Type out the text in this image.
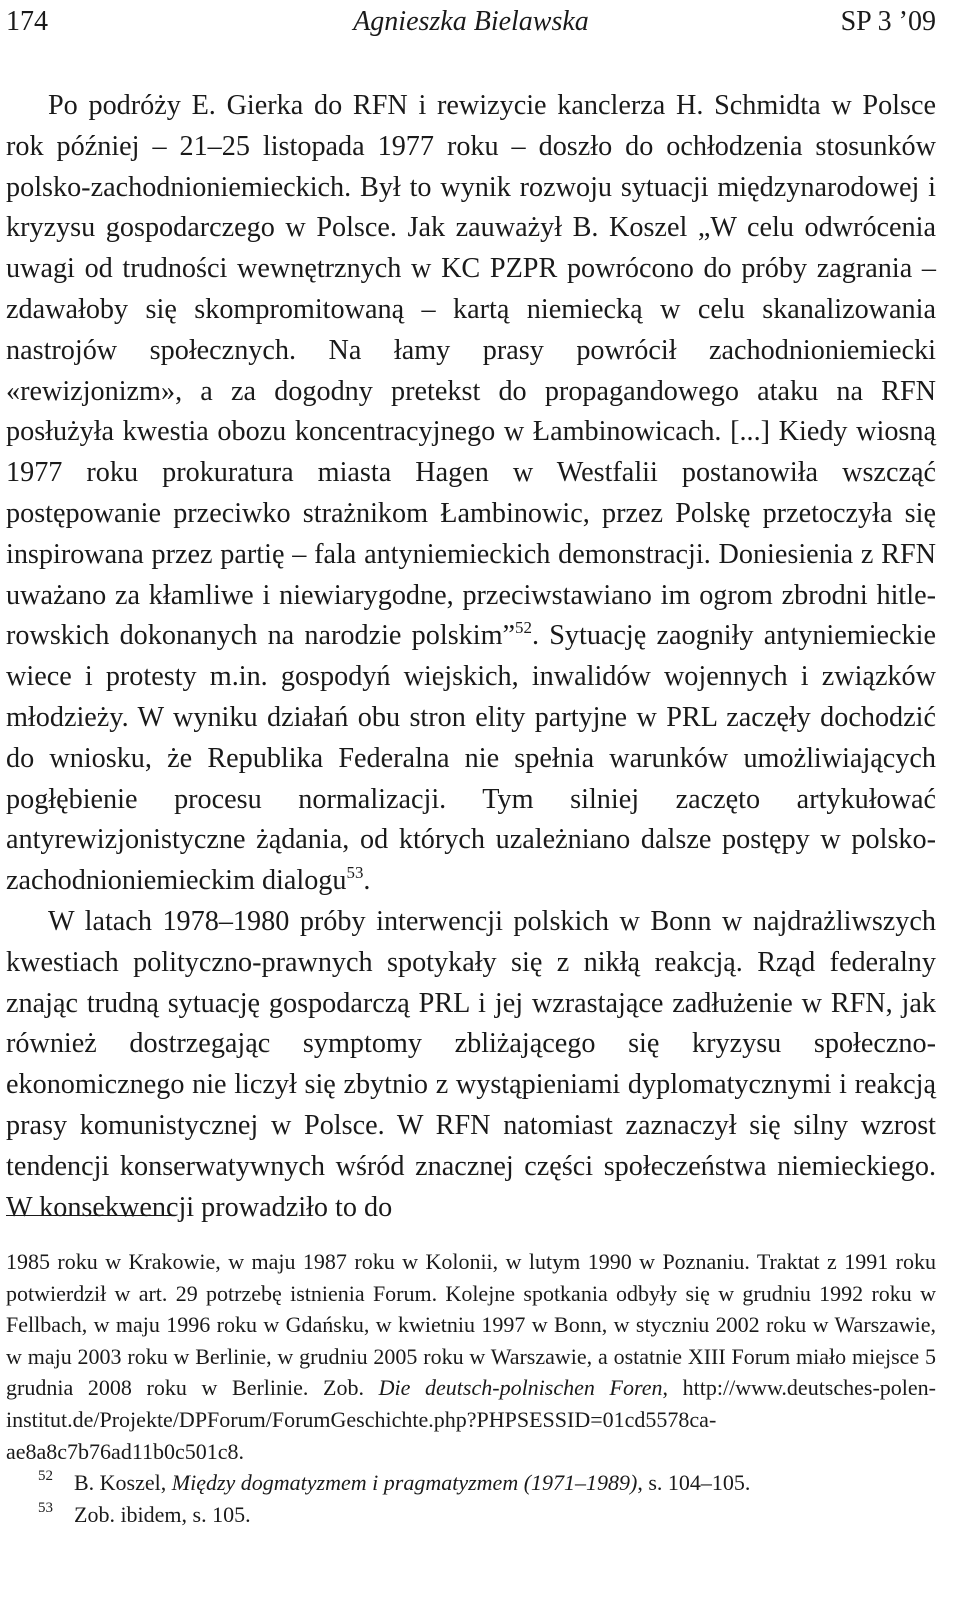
174	Agnieszka Bielawska	SP 3 ’09

Po podróży E. Gierka do RFN i rewizycie kanclerza H. Schmidta w Polsce rok później – 21–25 listopada 1977 roku – doszło do ochłodzenia stosunków polsko-zachodnioniemieckich. Był to wynik rozwoju sytuacji międzynarodowej i kryzysu gospodarczego w Polsce. Jak zauważył B. Koszel „W celu odwrócenia uwagi od trudności wewnętrznych w KC PZPR powrócono do próby zagrania – zdawałoby się skompromitowaną – kartą niemiecką w celu skanalizowania nastrojów społecznych. Na łamy prasy powrócił zachodnioniemiecki «rewizjonizm», a za dogodny pretekst do propagandowego ataku na RFN posłużyła kwestia obozu koncentracyjnego w Łambinowicach. [...] Kiedy wiosną 1977 roku prokuratura miasta Hagen w Westfalii postanowiła wszcząć postępowanie przeciwko strażnikom Łambinowic, przez Polskę przetoczyła się inspirowana przez partię – fala antyniemieckich demonstracji. Doniesienia z RFN uważano za kłamliwe i niewiarygodne, przeciwstawiano im ogrom zbrodni hitlerowskich dokonanych na narodzie polskim”$^{52}$. Sytuację zaogniły antyniemieckie wiece i protesty m.in. gospodyń wiejskich, inwalidów wojennych i związków młodzieży. W wyniku działań obu stron elity partyjne w PRL zaczęły dochodzić do wniosku, że Republika Federalna nie spełnia warunków umożliwiających pogłębienie procesu normalizacji. Tym silniej zaczęto artykułować antyrewizjonistyczne żądania, od których uzależniano dalsze postępy w polsko-zachodnioniemieckim dialogu$^{53}$.

W latach 1978–1980 próby interwencji polskich w Bonn w najdrażliwszych kwestiach polityczno-prawnych spotykały się z nikłą reakcją. Rząd federalny znając trudną sytuację gospodarczą PRL i jej wzrastające zadłużenie w RFN, jak również dostrzegając symptomy zbliżającego się kryzysu społeczno-ekonomicznego nie liczył się zbytnio z wystąpieniami dyplomatycznymi i reakcją prasy komunistycznej w Polsce. W RFN natomiast zaznaczył się silny wzrost tendencji konserwatywnych wśród znacznej części społeczeństwa niemieckiego. W konsekwencji prowadziło to do

1985 roku w Krakowie, w maju 1987 roku w Kolonii, w lutym 1990 w Poznaniu. Traktat z 1991 roku potwierdził w art. 29 potrzebę istnienia Forum. Kolejne spotkania odbyły się w grudniu 1992 roku w Fellbach, w maju 1996 roku w Gdańsku, w kwietniu 1997 w Bonn, w styczniu 2002 roku w Warszawie, w maju 2003 roku w Berlinie, w grudniu 2005 roku w Warszawie, a ostatnie XIII Forum miało miejsce 5 grudnia 2008 roku w Berlinie. Zob. Die deutsch-polnischen Foren, http://www.deutsches-polen-institut.de/Projekte/DPForum/ForumGeschichte.php?PHPSESSID=01cd5578caae8a8c7b76ad11b0c501c8.

52 B. Koszel, Między dogmatyzmem i pragmatyzmem (1971–1989), s. 104–105.

53 Zob. ibidem, s. 105.
